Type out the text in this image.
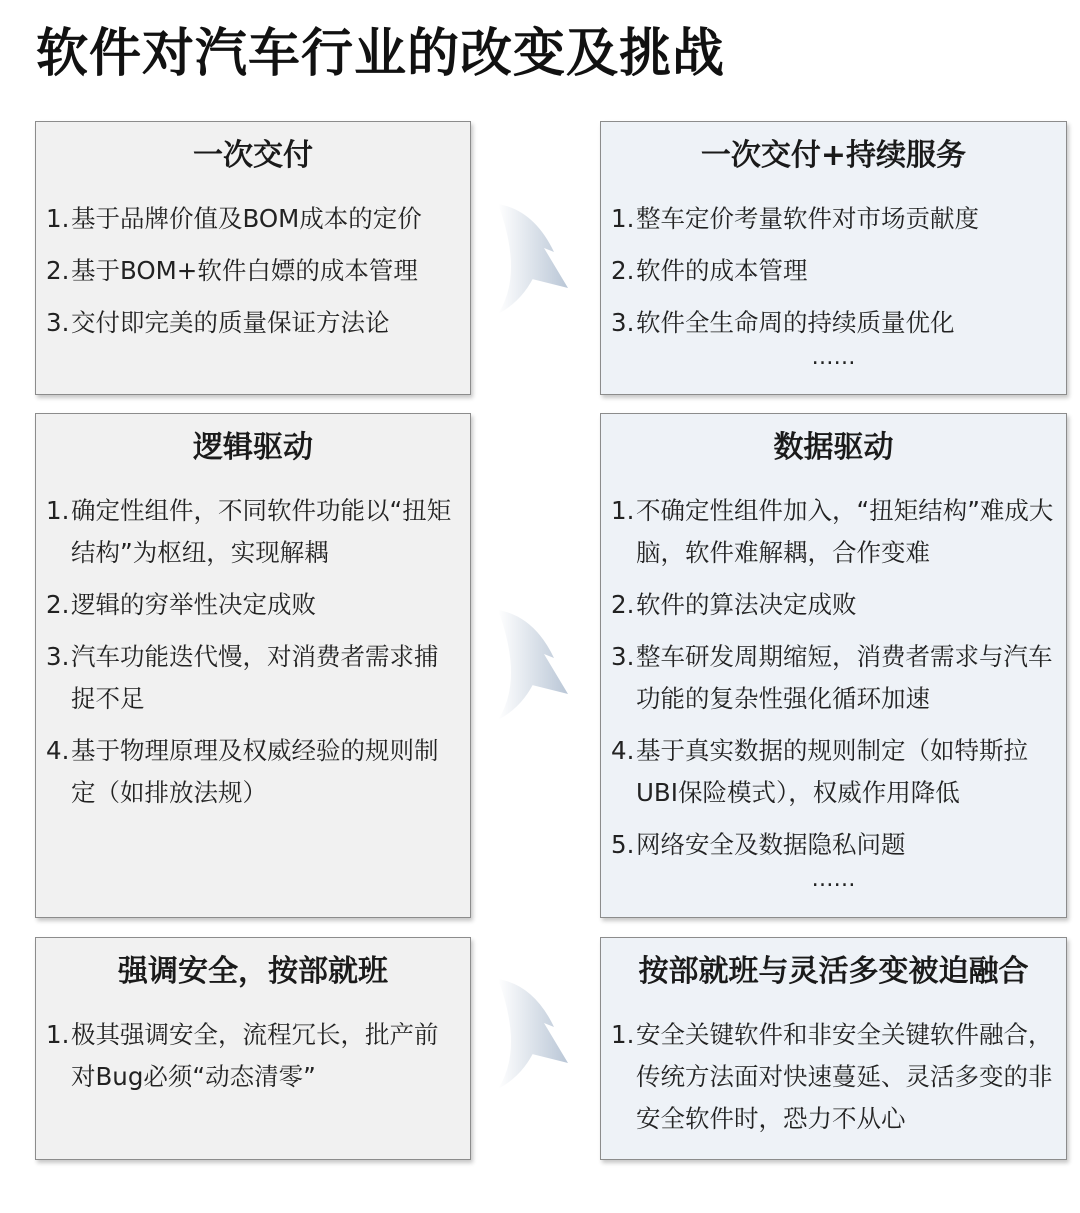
软件对汽车行业的改变及挑战
一次交付
1. 基于品牌价值及BOM成本的定价
2. 基于BOM+软件白嫖的成本管理
3. 交付即完美的质量保证方法论
一次交付+持续服务
1. 整车定价考量软件对市场贡献度
2. 软件的成本管理
3. 软件全生命周的持续质量优化
……
逻辑驱动
1. 确定性组件，不同软件功能以“扭矩结构”为枢纽，实现解耦
2. 逻辑的穷举性决定成败
3. 汽车功能迭代慢，对消费者需求捕捉不足
4. 基于物理原理及权威经验的规则制定（如排放法规）
数据驱动
1. 不确定性组件加入，“扭矩结构”难成大脑，软件难解耦，合作变难
2. 软件的算法决定成败
3. 整车研发周期缩短，消费者需求与汽车功能的复杂性强化循环加速
4. 基于真实数据的规则制定（如特斯拉UBI保险模式），权威作用降低
5. 网络安全及数据隐私问题
……
强调安全，按部就班
1. 极其强调安全，流程冗长，批产前对Bug必须“动态清零”
按部就班与灵活多变被迫融合
1. 安全关键软件和非安全关键软件融合，传统方法面对快速蔓延、灵活多变的非安全软件时，恐力不从心
